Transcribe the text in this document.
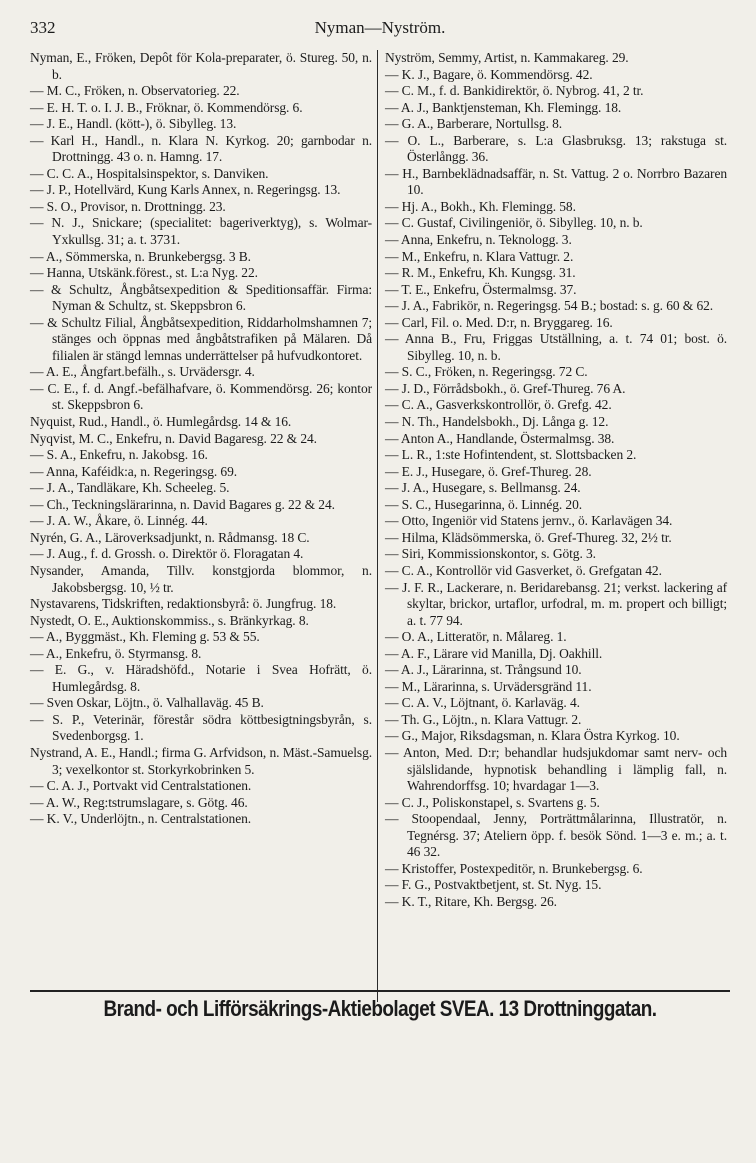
332	Nyman—Nyström.
Nyman, E., Fröken, Depôt för Kola-preparater, ö. Stureg. 50, n. b.
— M. C., Fröken, n. Observatorieg. 22.
— E. H. T. o. I. J. B., Fröknar, ö. Kommendörsg. 6.
— J. E., Handl. (kött-), ö. Sibylleg. 13.
— Karl H., Handl., n. Klara N. Kyrkog. 20; garnbodar n. Drottningg. 43 o. n. Hamng. 17.
— C. C. A., Hospitalsinspektor, s. Danviken.
— J. P., Hotellvärd, Kung Karls Annex, n. Regeringsg. 13.
— S. O., Provisor, n. Drottningg. 23.
— N. J., Snickare; (specialitet: bageriverktyg), s. Wolmar-Yxkullsg. 31; a. t. 3731.
— A., Sömmerska, n. Brunkebergsg. 3 B.
— Hanna, Utskänk.förest., st. L:a Nyg. 22.
— & Schultz, Ångbåtsexpedition & Speditionsaffär. Firma: Nyman & Schultz, st. Skeppsbron 6.
— & Schultz Filial, Ångbåtsexpedition, Riddarholmshamnen 7; stänges och öppnas med ångbåtstrafiken på Mälaren. Då filialen är stängd lemnas underrättelser på hufvudkontoret.
— A. E., Ångfart.befälh., s. Urvädersgr. 4.
— C. E., f. d. Angf.-befälhafvare, ö. Kommendörsg. 26; kontor st. Skeppsbron 6.
Nyquist, Rud., Handl., ö. Humlegårdsg. 14 & 16.
Nyqvist, M. C., Enkefru, n. David Bagaresg. 22 & 24.
— S. A., Enkefru, n. Jakobsg. 16.
— Anna, Kaféidk:a, n. Regeringsg. 69.
— J. A., Tandläkare, Kh. Scheeleg. 5.
— Ch., Teckningslärarinna, n. David Bagares g. 22 & 24.
— J. A. W., Åkare, ö. Linnég. 44.
Nyrén, G. A., Läroverksadjunkt, n. Rådmansg. 18 C.
— J. Aug., f. d. Grossh. o. Direktör ö. Floragatan 4.
Nysander, Amanda, Tillv. konstgjorda blommor, n. Jakobsbergsg. 10, ½ tr.
Nystavarens, Tidskriften, redaktionsbyrå: ö. Jungfrug. 18.
Nystedt, O. E., Auktionskommiss., s. Bränkyrkag. 8.
— A., Byggmäst., Kh. Fleming g. 53 & 55.
— A., Enkefru, ö. Styrmansg. 8.
— E. G., v. Häradshöfd., Notarie i Svea Hofrätt, ö. Humlegårdsg. 8.
— Sven Oskar, Löjtn., ö. Valhallaväg. 45 B.
— S. P., Veterinär, förestår södra köttbesigtningsbyrån, s. Svedenborgsg. 1.
Nystrand, A. E., Handl.; firma G. Arfvidson, n. Mäst.-Samuelsg. 3; vexelkontor st. Storkyrkobrinken 5.
— C. A. J., Portvakt vid Centralstationen.
— A. W., Reg:tstrumslagare, s. Götg. 46.
— K. V., Underlöjtn., n. Centralstationen.
Nyström, Semmy, Artist, n. Kammakareg. 29.
— K. J., Bagare, ö. Kommendörsg. 42.
— C. M., f. d. Bankidirektör, ö. Nybrog. 41, 2 tr.
— A. J., Banktjensteman, Kh. Flemingg. 18.
— G. A., Barberare, Nortullsg. 8.
— O. L., Barberare, s. L:a Glasbruksg. 13; rakstuga st. Österlångg. 36.
— H., Barnbeklädnadsaffär, n. St. Vattug. 2 o. Norrbro Bazaren 10.
— Hj. A., Bokh., Kh. Flemingg. 58.
— C. Gustaf, Civilingeniör, ö. Sibylleg. 10, n. b.
— Anna, Enkefru, n. Teknologg. 3.
— M., Enkefru, n. Klara Vattugr. 2.
— R. M., Enkefru, Kh. Kungsg. 31.
— T. E., Enkefru, Östermalmsg. 37.
— J. A., Fabrikör, n. Regeringsg. 54 B.; bostad: s. g. 60 & 62.
— Carl, Fil. o. Med. D:r, n. Bryggareg. 16.
— Anna B., Fru, Friggas Utställning, a. t. 74 01; bost. ö. Sibylleg. 10, n. b.
— S. C., Fröken, n. Regeringsg. 72 C.
— J. D., Förrådsbokh., ö. Gref-Thureg. 76 A.
— C. A., Gasverkskontrollör, ö. Grefg. 42.
— N. Th., Handelsbokh., Dj. Långa g. 12.
— Anton A., Handlande, Östermalmsg. 38.
— L. R., 1:ste Hofintendent, st. Slottsbacken 2.
— E. J., Husegare, ö. Gref-Thureg. 28.
— J. A., Husegare, s. Bellmansg. 24.
— S. C., Husegarinna, ö. Linnég. 20.
— Otto, Ingeniör vid Statens jernv., ö. Karlavägen 34.
— Hilma, Klädsömmerska, ö. Gref-Thureg. 32, 2½ tr.
— Siri, Kommissionskontor, s. Götg. 3.
— C. A., Kontrollör vid Gasverket, ö. Grefgatan 42.
— J. F. R., Lackerare, n. Beridarebansg. 21; verkst. lackering af skyltar, brickor, urtaflor, urfodral, m. m. propert och billigt; a. t. 77 94.
— O. A., Litteratör, n. Målareg. 1.
— A. F., Lärare vid Manilla, Dj. Oakhill.
— A. J., Lärarinna, st. Trångsund 10.
— M., Lärarinna, s. Urvädersgränd 11.
— C. A. V., Löjtnant, ö. Karlaväg. 4.
— Th. G., Löjtn., n. Klara Vattugr. 2.
— G., Major, Riksdagsman, n. Klara Östra Kyrkog. 10.
— Anton, Med. D:r; behandlar hudsjukdomar samt nerv- och själslidande, hypnotisk behandling i lämplig fall, n. Wahrendorffsg. 10; hvardagar 1—3.
— C. J., Poliskonstapel, s. Svartens g. 5.
— Stoopendaal, Jenny, Porträttmålarinna, Illustratör, n. Tegnérsg. 37; Ateliern öpp. f. besök Sönd. 1—3 e. m.; a. t. 46 32.
— Kristoffer, Postexpeditör, n. Brunkebergsg. 6.
— F. G., Postvaktbetjent, st. St. Nyg. 15.
— K. T., Ritare, Kh. Bergsg. 26.
Brand- och Lifförsäkrings-Aktiebolaget SVEA. 13 Drottninggatan.
